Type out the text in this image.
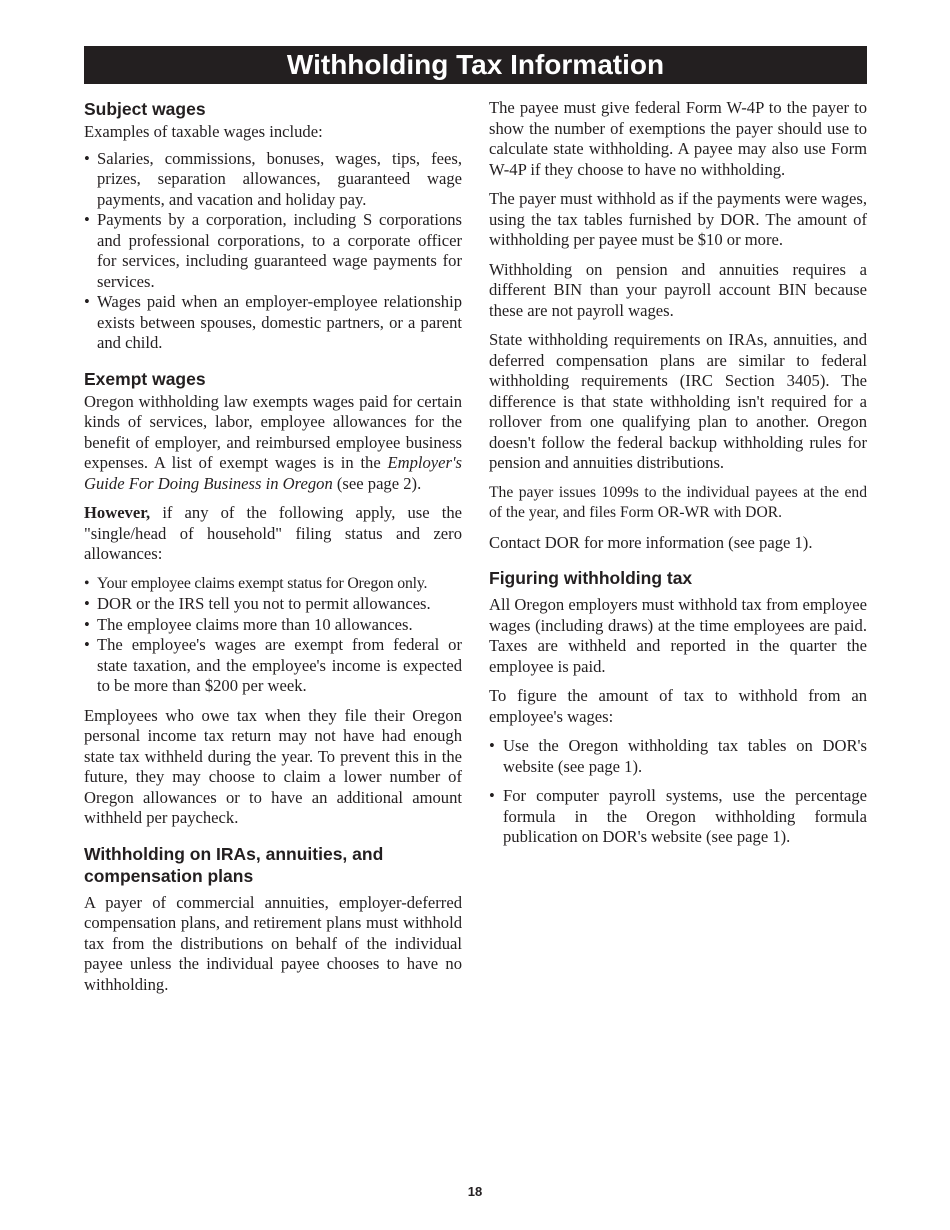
Withholding Tax Information
Subject wages

Examples of taxable wages include:

• Salaries, commissions, bonuses, wages, tips, fees, prizes, separation allowances, guaranteed wage payments, and vacation and holiday pay.
• Payments by a corporation, including S corporations and professional corporations, to a corporate officer for services, including guaranteed wage payments for services.
• Wages paid when an employer-employee relationship exists between spouses, domestic partners, or a parent and child.
Exempt wages

Oregon withholding law exempts wages paid for certain kinds of services, labor, employee allowances for the benefit of employer, and reimbursed employee business expenses. A list of exempt wages is in the Employer's Guide For Doing Business in Oregon (see page 2).

However, if any of the following apply, use the "single/head of household" filing status and zero allowances:

• Your employee claims exempt status for Oregon only.
• DOR or the IRS tell you not to permit allowances.
• The employee claims more than 10 allowances.
• The employee's wages are exempt from federal or state taxation, and the employee's income is expected to be more than $200 per week.

Employees who owe tax when they file their Oregon personal income tax return may not have had enough state tax withheld during the year. To prevent this in the future, they may choose to claim a lower number of Oregon allowances or to have an additional amount withheld per paycheck.

Withholding on IRAs, annuities, and compensation plans

A payer of commercial annuities, employer-deferred compensation plans, and retirement plans must withhold tax from the distributions on behalf of the individual payee unless the individual payee chooses to have no withholding.

The payee must give federal Form W-4P to the payer to show the number of exemptions the payer should use to calculate state withholding. A payee may also use Form W-4P if they choose to have no withholding.

The payer must withhold as if the payments were wages, using the tax tables furnished by DOR. The amount of withholding per payee must be $10 or more.

Withholding on pension and annuities requires a different BIN than your payroll account BIN because these are not payroll wages.

State withholding requirements on IRAs, annuities, and deferred compensation plans are similar to federal withholding requirements (IRC Section 3405). The difference is that state withholding isn't required for a rollover from one qualifying plan to another. Oregon doesn't follow the federal backup withholding rules for pension and annuities distributions.

The payer issues 1099s to the individual payees at the end of the year, and files Form OR-WR with DOR.

Contact DOR for more information (see page 1).

Figuring withholding tax

All Oregon employers must withhold tax from employee wages (including draws) at the time employees are paid. Taxes are withheld and reported in the quarter the employee is paid.

To figure the amount of tax to withhold from an employee's wages:

• Use the Oregon withholding tax tables on DOR's website (see page 1).
• For computer payroll systems, use the percentage formula in the Oregon withholding formula publication on DOR's website (see page 1).
18
